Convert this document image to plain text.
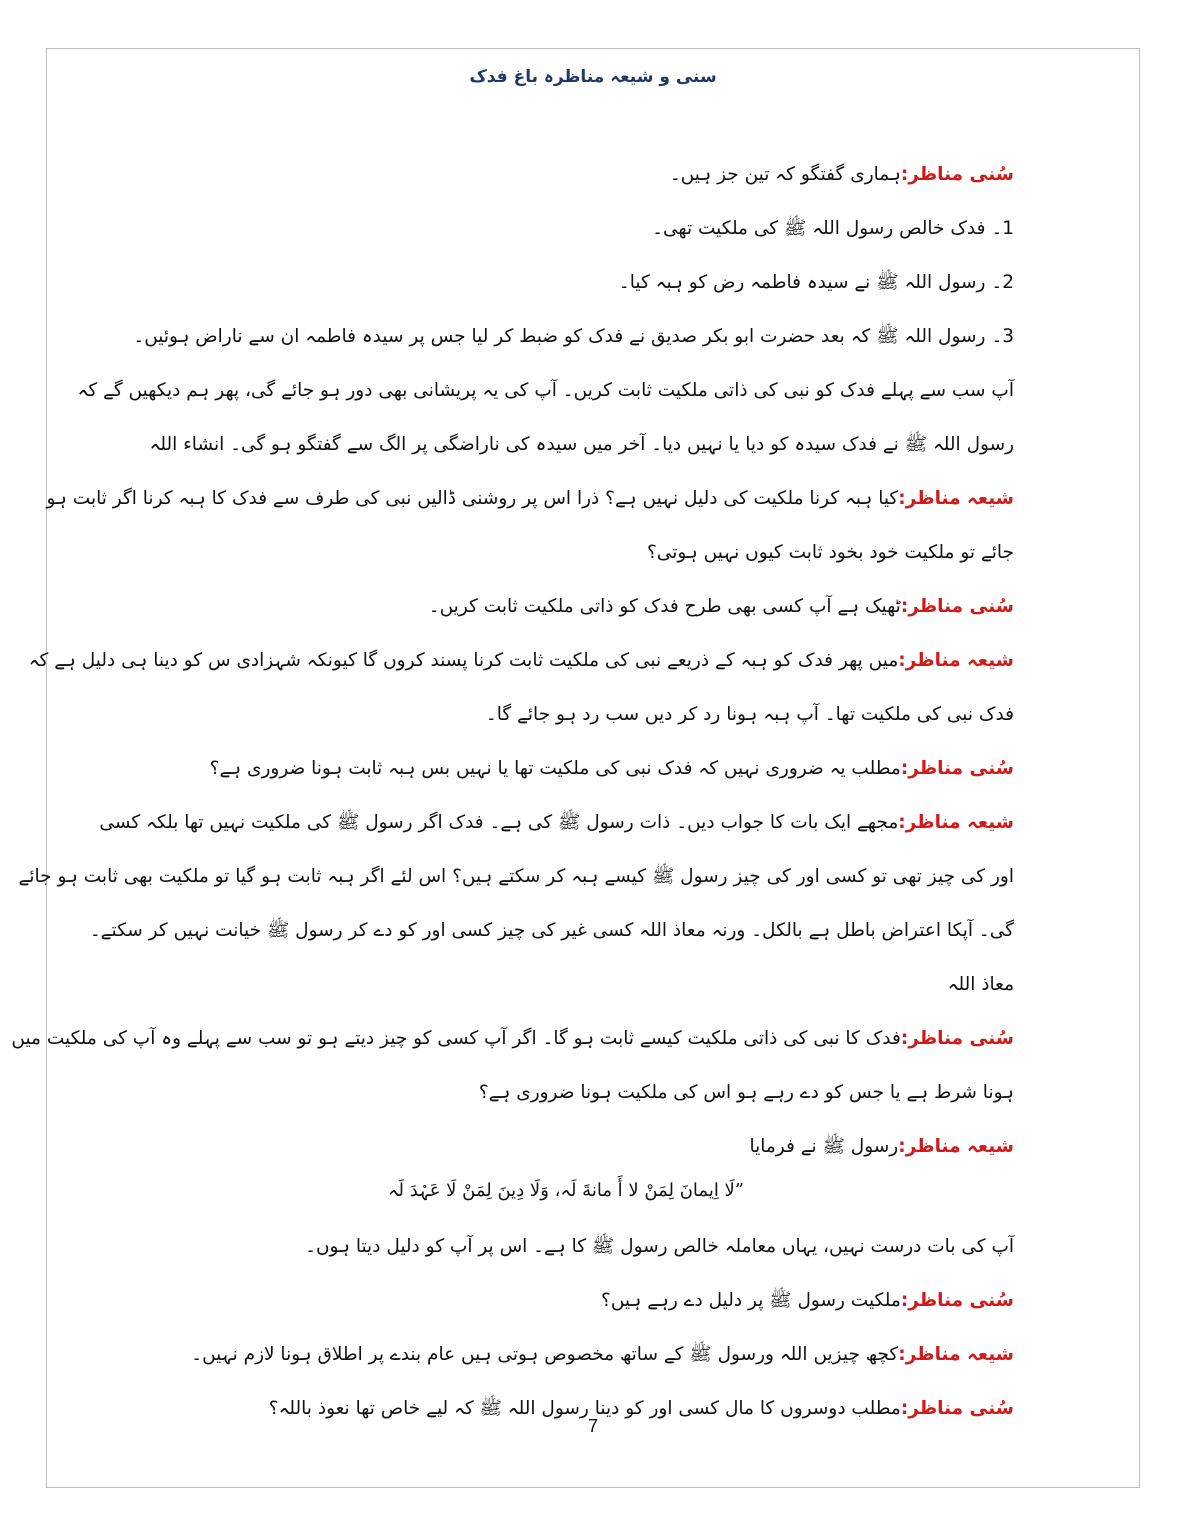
سنی و شیعہ مناظرہ باغ فدک

سُنی مناظر:ہماری گفتگو کہ تین جز ہیں۔

1۔ فدک خالص رسول اللہ ﷺ کی ملکیت تھی۔

2۔ رسول اللہ ﷺ نے سیدہ فاطمہ رض کو ہبہ کیا۔

3۔ رسول اللہ ﷺ کہ بعد حضرت ابو بکر صدیق نے فدک کو ضبط کر لیا جس پر سیدہ فاطمہ ان سے ناراض ہوئیں۔

آپ سب سے پہلے فدک کو نبی کی ذاتی ملکیت ثابت کریں۔ آپ کی یہ پریشانی بھی دور ہو جائے گی، پھر ہم دیکھیں گے کہ

رسول اللہ ﷺ نے فدک سیدہ کو دیا یا نہیں دیا۔ آخر میں سیدہ کی ناراضگی پر الگ سے گفتگو ہو گی۔ انشاء اللہ

شیعہ مناظر:کیا ہبہ کرنا ملکیت کی دلیل نہیں ہے؟ ذرا اس پر روشنی ڈالیں نبی کی طرف سے فدک کا ہبہ کرنا اگر ثابت ہو

جائے تو ملکیت خود بخود ثابت کیوں نہیں ہوتی؟

سُنی مناظر:ٹھیک ہے آپ کسی بھی طرح فدک کو ذاتی ملکیت ثابت کریں۔

شیعہ مناظر:میں پھر فدک کو ہبہ کے ذریعے نبی کی ملکیت ثابت کرنا پسند کروں گا کیونکہ شہزادی س کو دینا ہی دلیل ہے کہ

فدک نبی کی ملکیت تھا۔ آپ ہبہ ہونا رد کر دیں سب رد ہو جائے گا۔

سُنی مناظر:مطلب یہ ضروری نہیں کہ فدک نبی کی ملکیت تھا یا نہیں بس ہبہ ثابت ہونا ضروری ہے؟

شیعہ مناظر:مجھے ایک بات کا جواب دیں۔ ذات رسول ﷺ کی ہے۔ فدک اگر رسول ﷺ کی ملکیت نہیں تھا بلکہ کسی

اور کی چیز تھی تو کسی اور کی چیز رسول ﷺ کیسے ہبہ کر سکتے ہیں؟ اس لئے اگر ہبہ ثابت ہو گیا تو ملکیت بھی ثابت ہو جائے

گی۔ آپکا اعتراض باطل ہے بالکل۔ ورنہ معاذ اللہ کسی غیر کی چیز کسی اور کو دے کر رسول ﷺ خیانت نہیں کر سکتے۔

معاذ اللہ

سُنی مناظر:فدک کا نبی کی ذاتی ملکیت کیسے ثابت ہو گا۔ اگر آپ کسی کو چیز دیتے ہو تو سب سے پہلے وہ آپ کی ملکیت میں

ہونا شرط ہے یا جس کو دے رہے ہو اس کی ملکیت ہونا ضروری ہے؟

شیعہ مناظر:رسول ﷺ نے فرمایا

”لَا اِيمانَ لِمَنْ لا أَ مانةَ لَہ، وَلَا دِينَ لِمَنْ لَا عَہْدَ لَہ

آپ کی بات درست نہیں، یہاں معاملہ خالص رسول ﷺ کا ہے۔ اس پر آپ کو دلیل دیتا ہوں۔

سُنی مناظر:ملکیت رسول ﷺ پر دلیل دے رہے ہیں؟

شیعہ مناظر:کچھ چیزیں اللہ ورسول ﷺ کے ساتھ مخصوص ہوتی ہیں عام بندے پر اطلاق ہونا لازم نہیں۔

سُنی مناظر:مطلب دوسروں کا مال کسی اور کو دینا رسول اللہ ﷺ کہ لیے خاص تھا نعوذ باللہ؟

7
